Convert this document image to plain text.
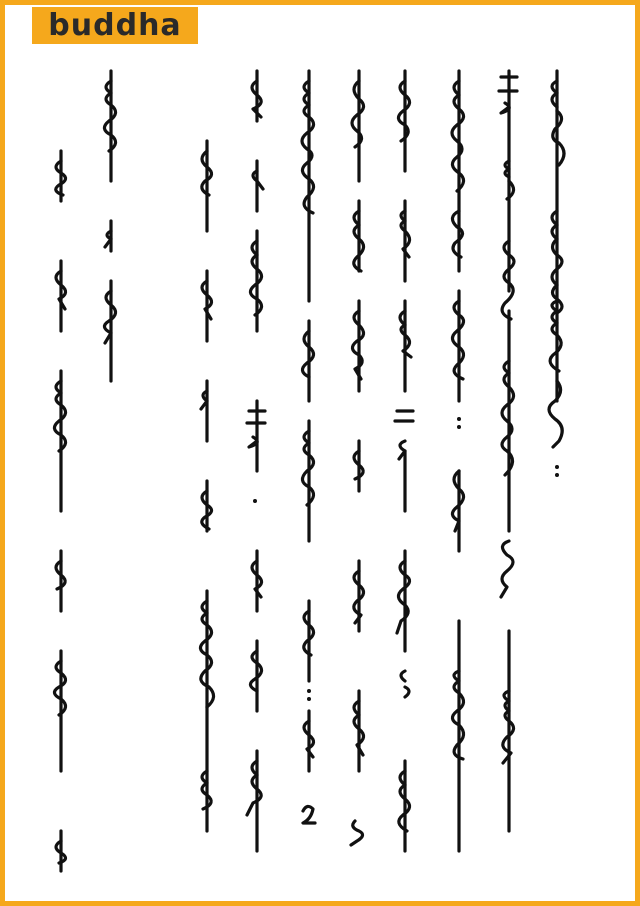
buddha
